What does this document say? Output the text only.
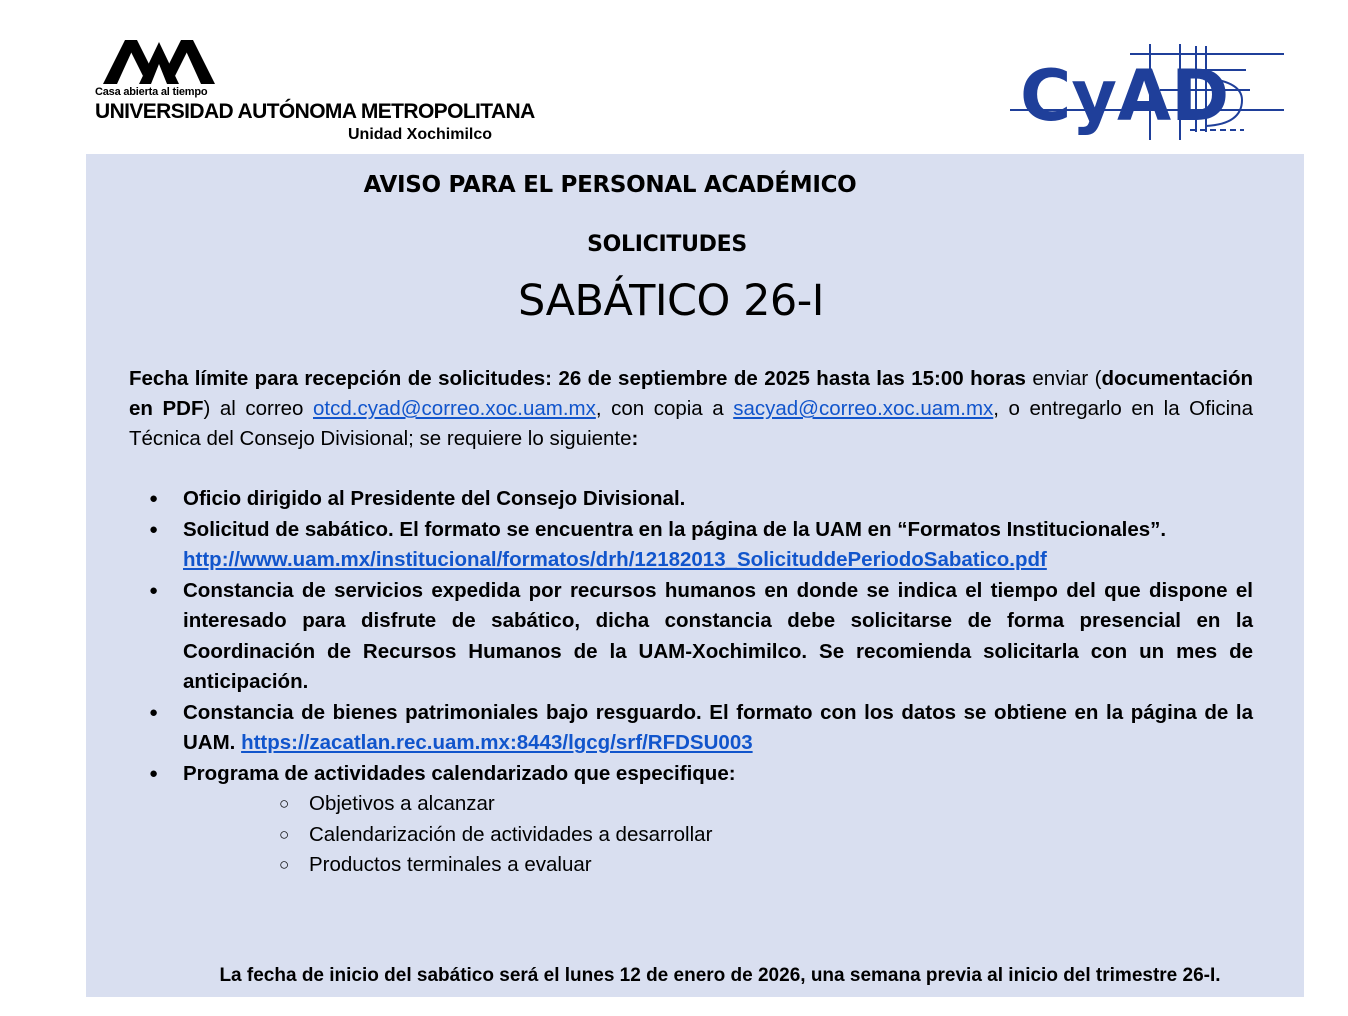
Casa abierta al tiempo
UNIVERSIDAD AUTÓNOMA METROPOLITANA
Unidad Xochimilco	CyAD
AVISO PARA EL PERSONAL ACADÉMICO
SOLICITUDES
SABÁTICO 26-I
Fecha límite para recepción de solicitudes: 26 de septiembre de 2025 hasta las 15:00 horas enviar (documentación en PDF) al correo otcd.cyad@correo.xoc.uam.mx, con copia a sacyad@correo.xoc.uam.mx, o entregarlo en la Oficina Técnica del Consejo Divisional; se requiere lo siguiente:
● Oficio dirigido al Presidente del Consejo Divisional.
● Solicitud de sabático. El formato se encuentra en la página de la UAM en “Formatos Institucionales”.
http://www.uam.mx/institucional/formatos/drh/12182013_SolicituddePeriodoSabatico.pdf
● Constancia de servicios expedida por recursos humanos en donde se indica el tiempo del que dispone el interesado para disfrute de sabático, dicha constancia debe solicitarse de forma presencial en la Coordinación de Recursos Humanos de la UAM-Xochimilco. Se recomienda solicitarla con un mes de anticipación.
● Constancia de bienes patrimoniales bajo resguardo. El formato con los datos se obtiene en la página de la UAM. https://zacatlan.rec.uam.mx:8443/lgcg/srf/RFDSU003
● Programa de actividades calendarizado que especifique:
○ Objetivos a alcanzar
○ Calendarización de actividades a desarrollar
○ Productos terminales a evaluar
La fecha de inicio del sabático será el lunes 12 de enero de 2026, una semana previa al inicio del trimestre 26-I.
